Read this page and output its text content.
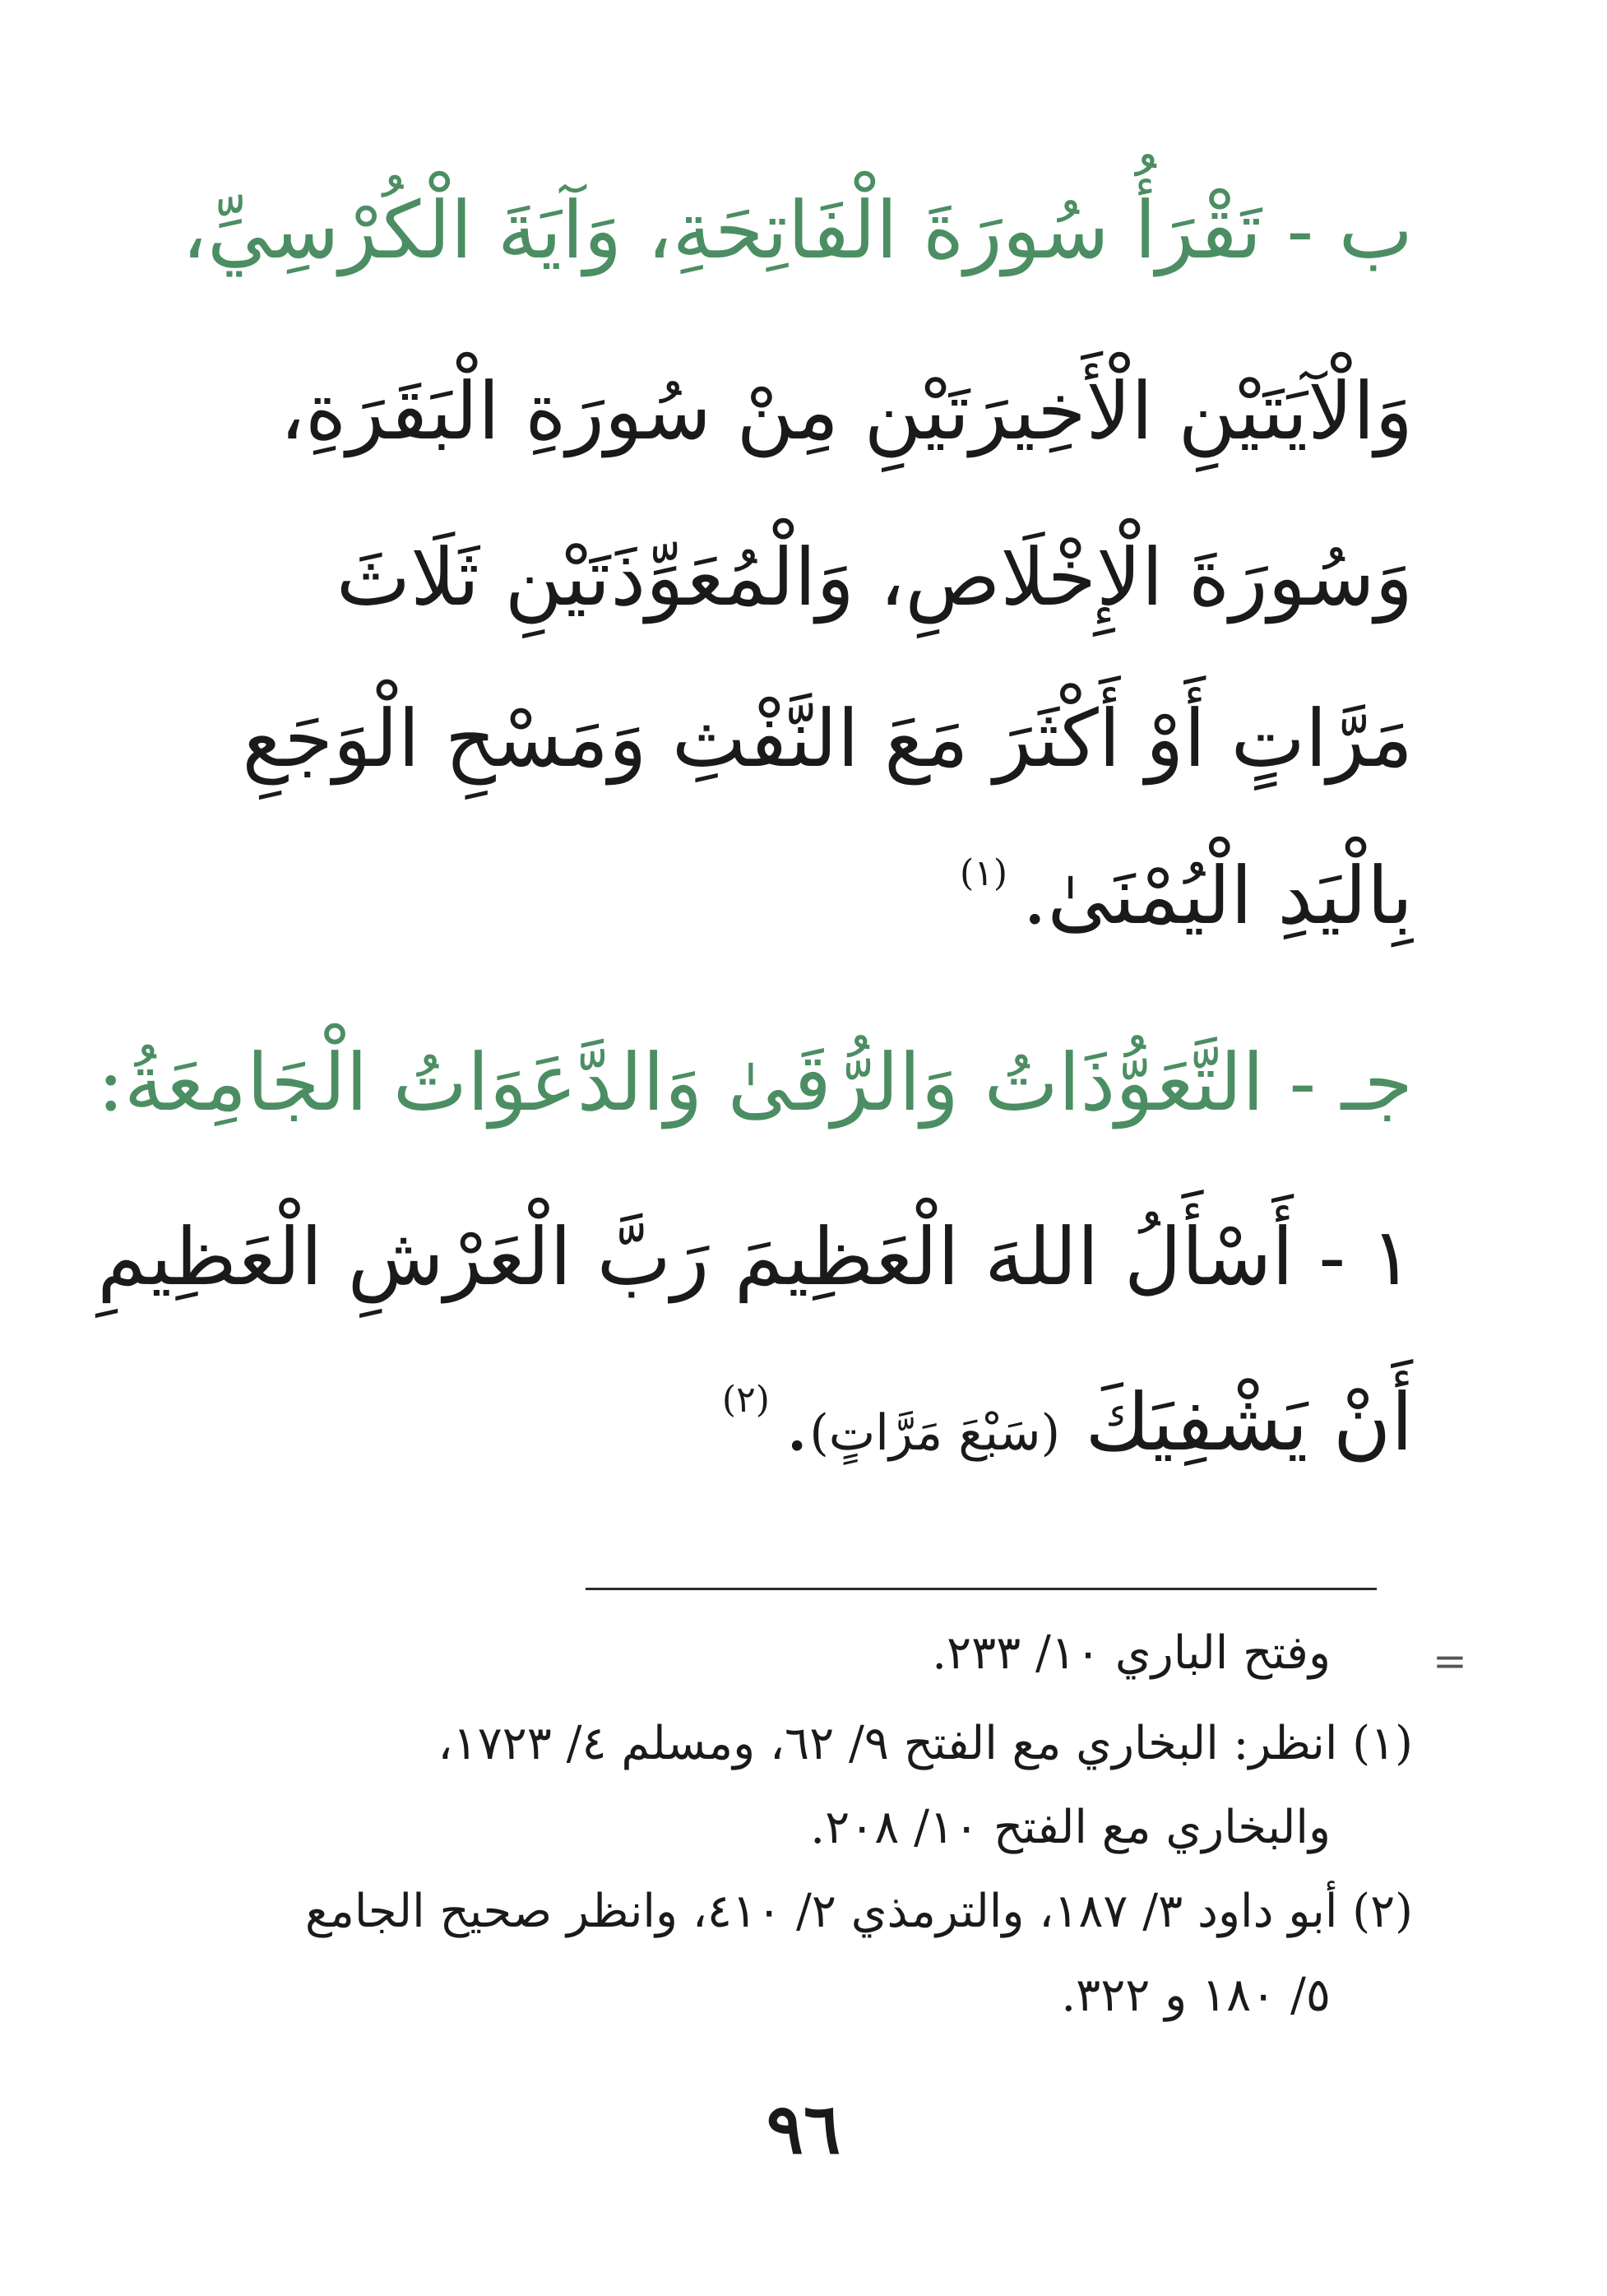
ب - تَقْرَأُ سُورَةَ الْفَاتِحَةِ، وَآيَةَ الْكُرْسِيِّ،
وَالْآيَتَيْنِ الْأَخِيرَتَيْنِ مِنْ سُورَةِ الْبَقَرَةِ،
وَسُورَةَ الْإِخْلَاصِ، وَالْمُعَوِّذَتَيْنِ ثَلَاثَ
مَرَّاتٍ أَوْ أَكْثَرَ مَعَ النَّفْثِ وَمَسْحِ الْوَجَعِ
بِالْيَدِ الْيُمْنَىٰ.$^{(١)}$
جـ - التَّعَوُّذَاتُ وَالرُّقَىٰ وَالدَّعَوَاتُ الْجَامِعَةُ:
١ - أَسْأَلُ اللهَ الْعَظِيمَ رَبَّ الْعَرْشِ الْعَظِيمِ
أَنْ يَشْفِيَكَ (سَبْعَ مَرَّاتٍ).$^{(٢)}$
=
وفتح الباري ١٠/ ٢٣٣.
(١) انظر: البخاري مع الفتح ٩/ ٦٢، ومسلم ٤/ ١٧٢٣،
والبخاري مع الفتح ١٠/ ٢٠٨.
(٢) أبو داود ٣/ ١٨٧، والترمذي ٢/ ٤١٠، وانظر صحيح الجامع
٥/ ١٨٠ و ٣٢٢.
٩٦
